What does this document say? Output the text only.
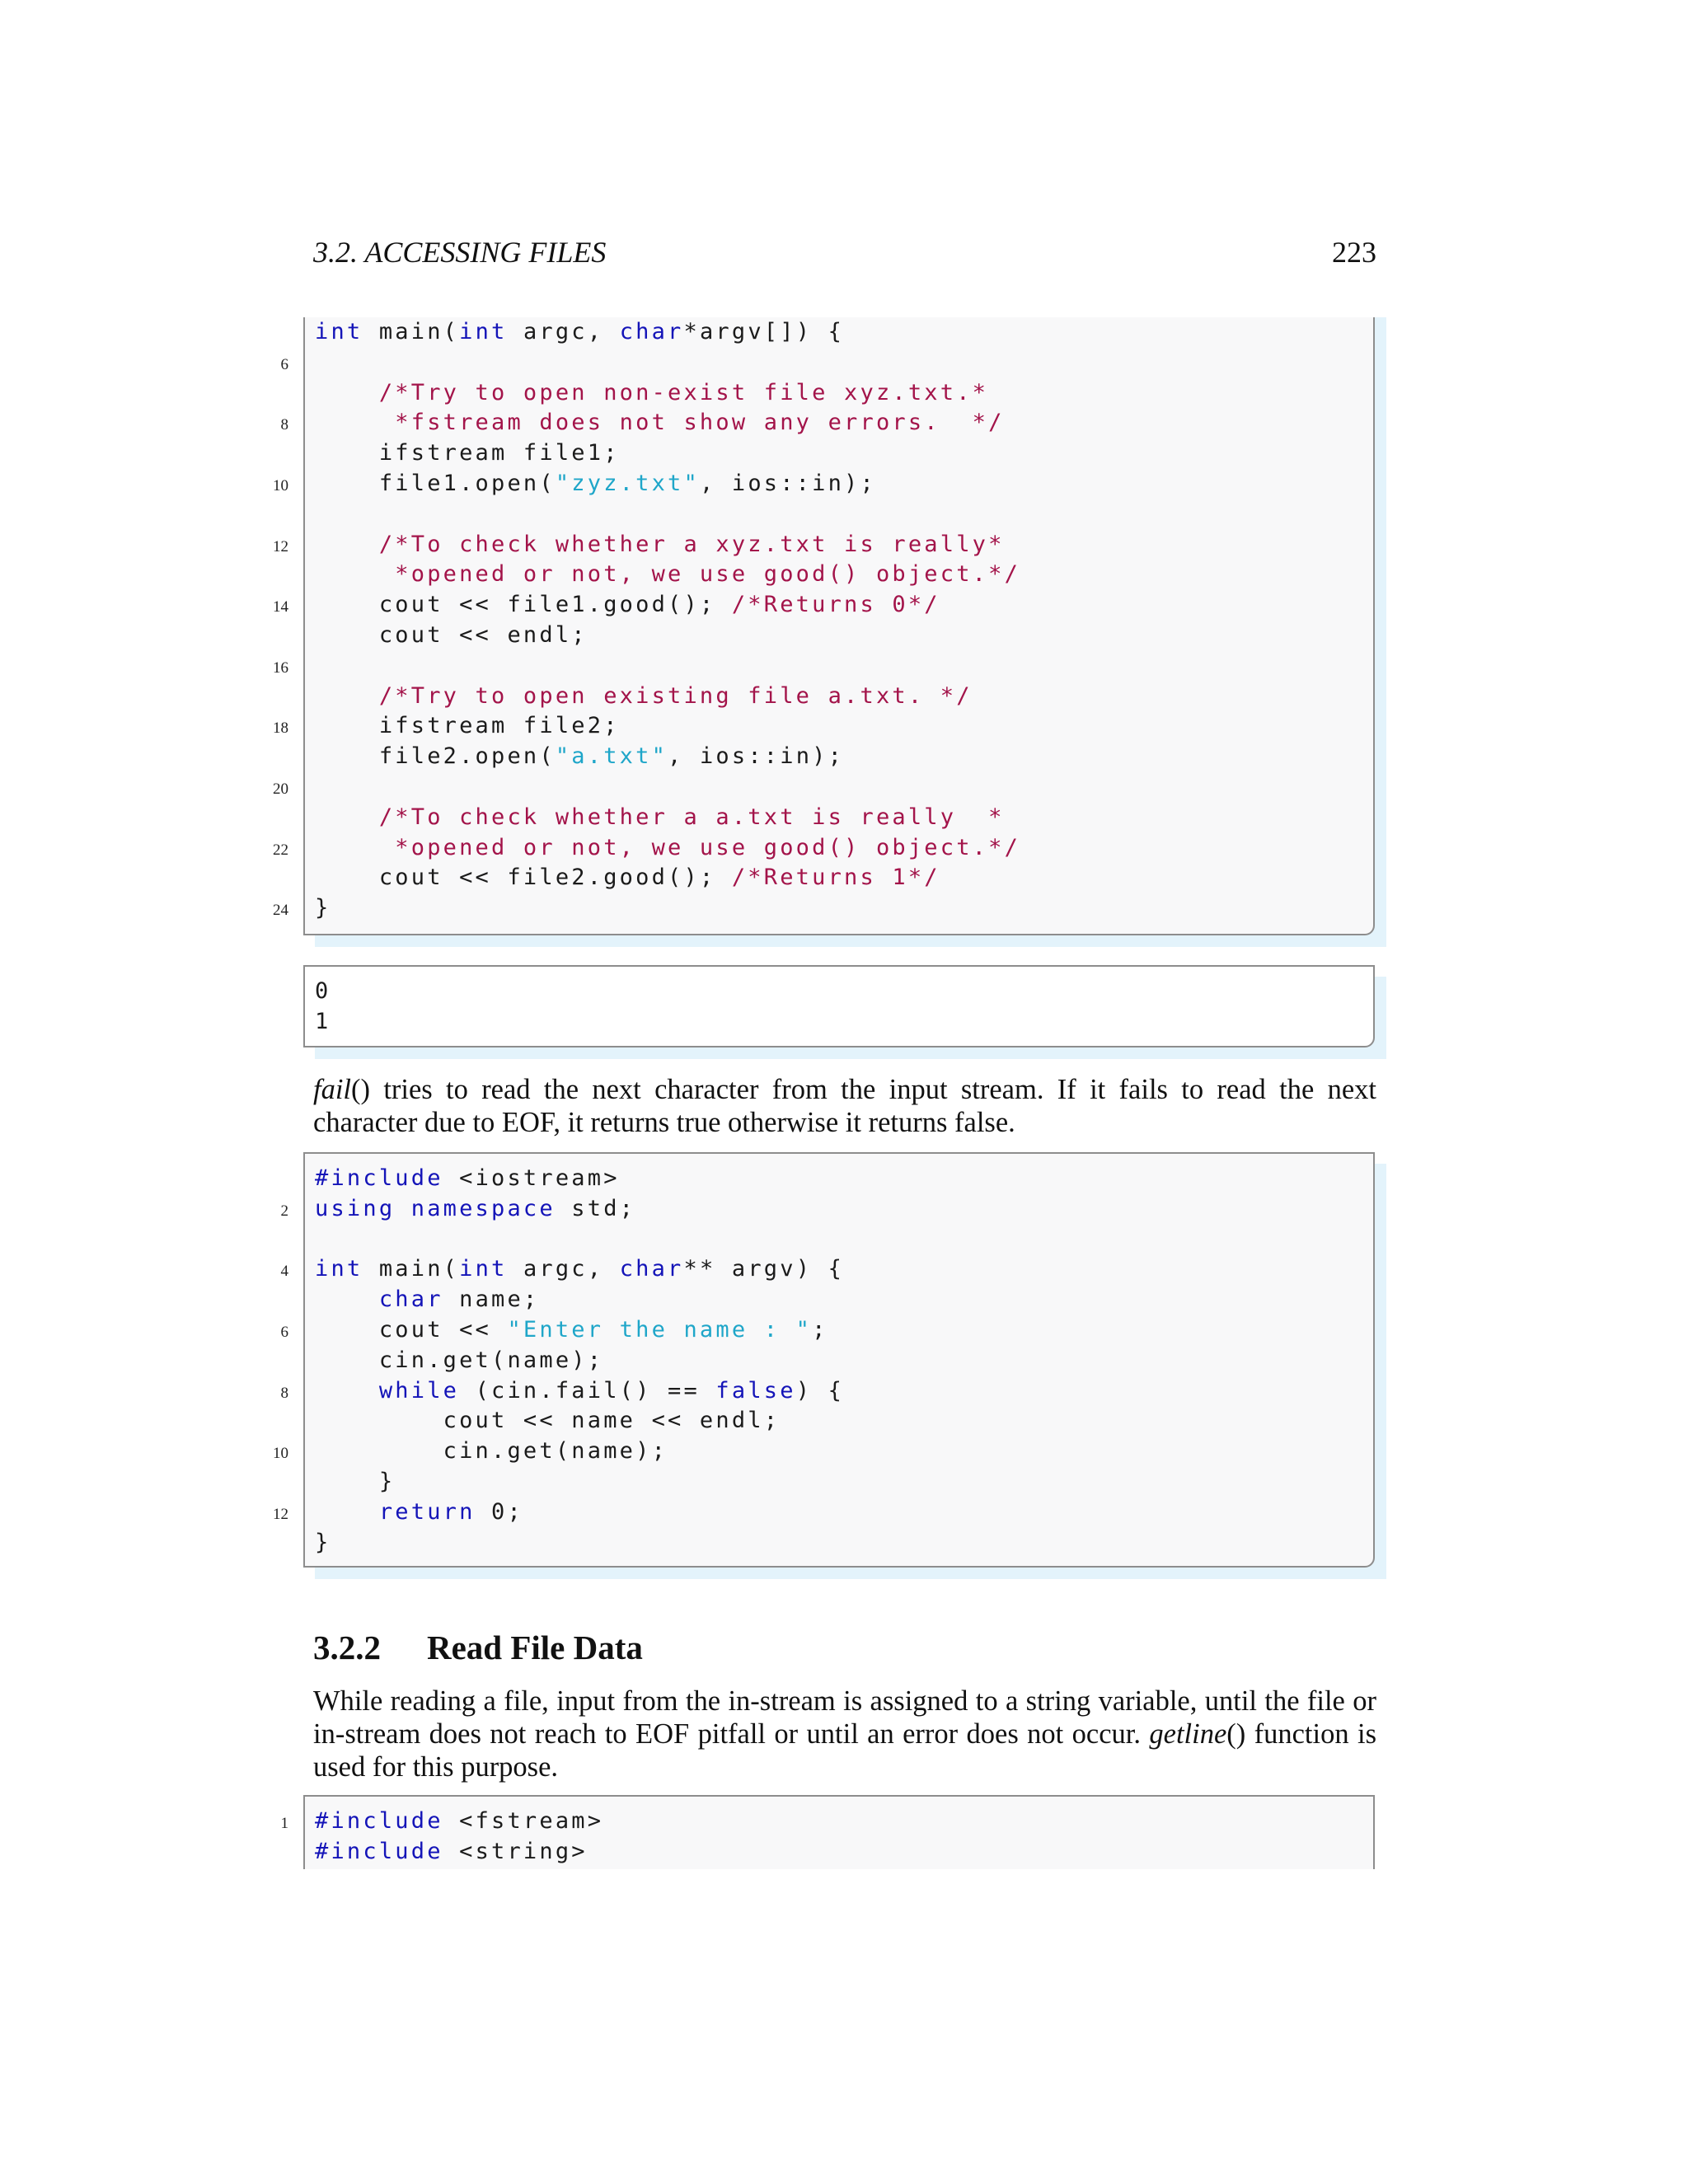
3.2. ACCESSING FILES	223
int main(int argc, char*argv[]) {
6
/*Try to open non-exist file xyz.txt.*
8	*fstream does not show any errors.  */
ifstream file1;
10 file1.open("zyz.txt", ios::in);
12	/*To check whether a xyz.txt is really*
*opened or not, we use good() object.*/
14 cout << file1.good(); /*Returns 0*/
cout << endl;
16
/*Try to open existing file a.txt. */
18 ifstream file2;
file2.open("a.txt", ios::in);
20
/*To check whether a a.txt is really  *
22	*opened or not, we use good() object.*/
cout << file2.good(); /*Returns 1*/
24 }
0
1
fail() tries to read the next character from the input stream. If it fails to read the next character due to EOF, it returns true otherwise it returns false.
#include <iostream>
2 using namespace std;
4 int main(int argc, char** argv) {
char name;
6 cout << "Enter the name : ";
cin.get(name);
8	while (cin.fail() == false) {
cout << name << endl;
10 cin.get(name);
}
12	return 0;
}
3.2.2 Read File Data
While reading a file, input from the in-stream is assigned to a string variable, until the file or in-stream does not reach to EOF pitfall or until an error does not occur. getline() function is used for this purpose.
1 #include <fstream>
#include <string>
